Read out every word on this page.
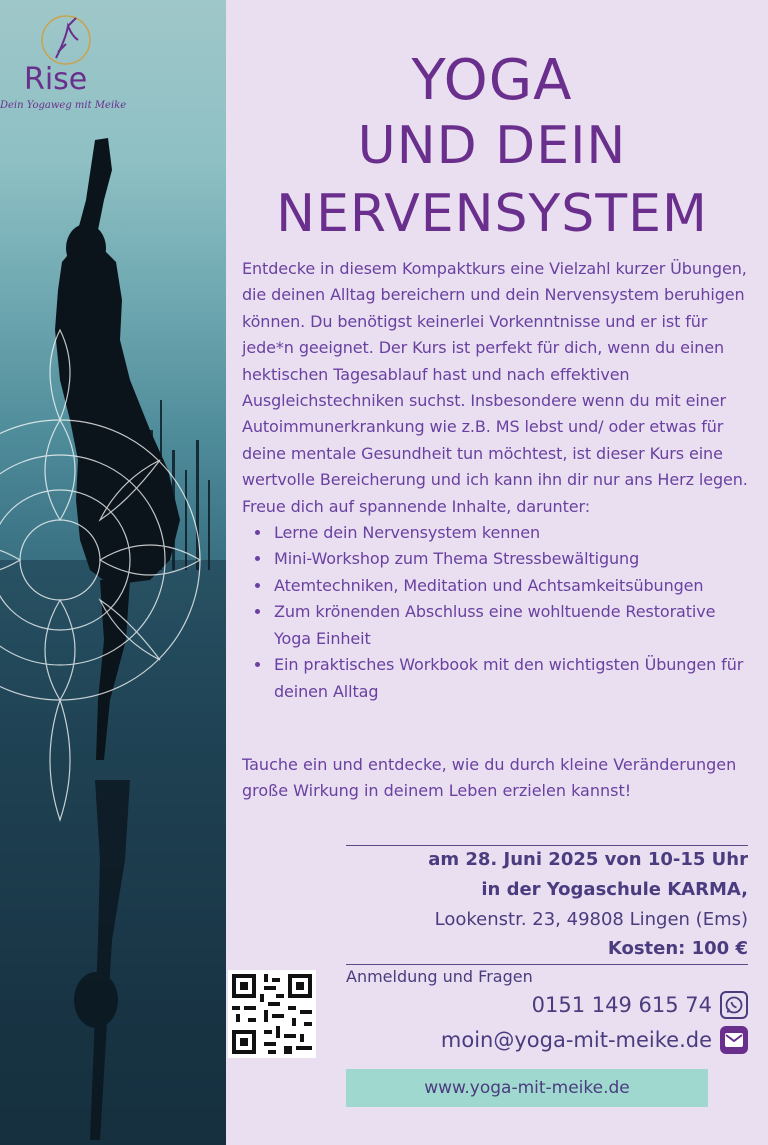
Rise
Dein Yogaweg mit Meike	YOGA
UND DEIN
NERVENSYSTEM

Entdecke in diesem Kompaktkurs eine Vielzahl kurzer Übungen, die deinen Alltag bereichern und dein Nervensystem beruhigen können. Du benötigst keinerlei Vorkenntnisse und er ist für jede*n geeignet. Der Kurs ist perfekt für dich, wenn du einen hektischen Tagesablauf hast und nach effektiven Ausgleichstechniken suchst. Insbesondere wenn du mit einer Autoimmunerkrankung wie z.B. MS lebst und/ oder etwas für deine mentale Gesundheit tun möchtest, ist dieser Kurs eine wertvolle Bereicherung und ich kann ihn dir nur ans Herz legen.

Freue dich auf spannende Inhalte, darunter:

• Lerne dein Nervensystem kennen
• Mini-Workshop zum Thema Stressbewältigung
• Atemtechniken, Meditation und Achtsamkeitsübungen
• Zum krönenden Abschluss eine wohltuende Restorative Yoga Einheit
• Ein praktisches Workbook mit den wichtigsten Übungen für deinen Alltag
Tauche ein und entdecke, wie du durch kleine Veränderungen große Wirkung in deinem Leben erzielen kannst!
am 28. Juni 2025 von 10-15 Uhr
in der Yogaschule KARMA,
Lookenstr. 23, 49808 Lingen (Ems)
Kosten: 100 €
Anmeldung und Fragen
0151 149 615 74
moin@yoga-mit-meike.de
www.yoga-mit-meike.de
